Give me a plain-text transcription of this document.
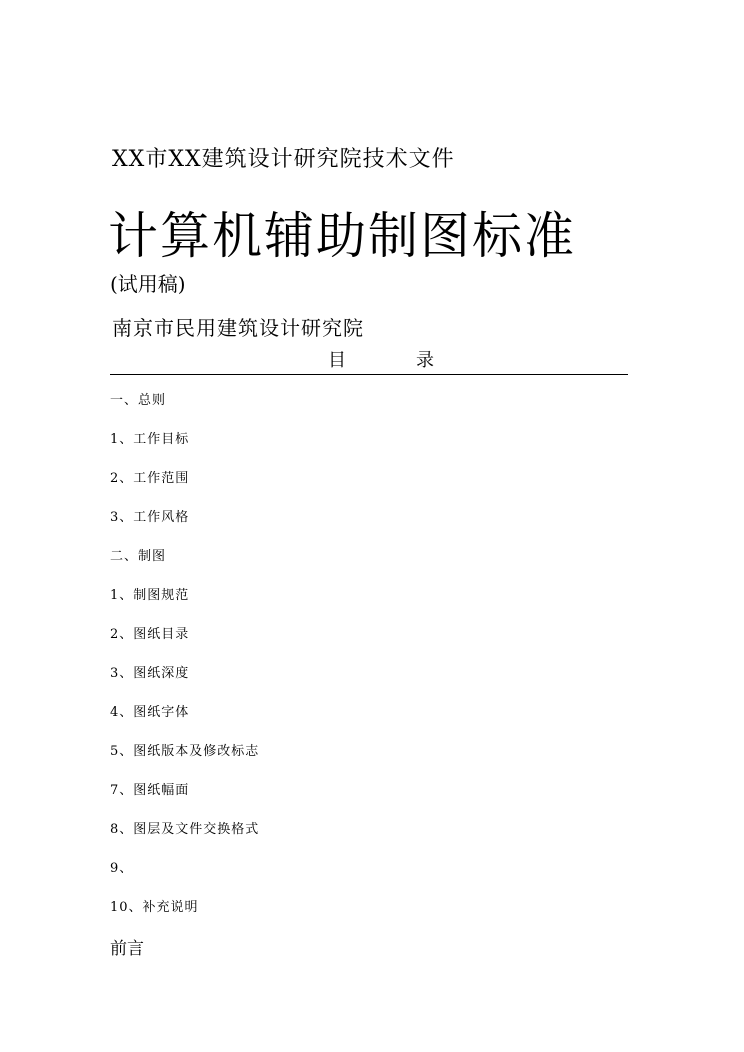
XX市XX建筑设计研究院技术文件
计算机辅助制图标准
(试用稿)
南京市民用建筑设计研究院
目	录
一、总则
1、工作目标
2、工作范围
3、工作风格
二、制图
1、制图规范
2、图纸目录
3、图纸深度
4、图纸字体
5、图纸版本及修改标志
7、图纸幅面
8、图层及文件交换格式
9、
10、补充说明
前言
